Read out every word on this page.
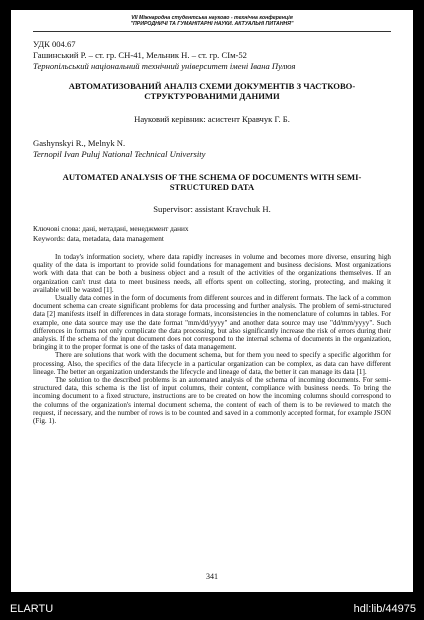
VII Міжнародна студентська науково - технічна конференція
"ПРИРОДНИЧІ ТА ГУМАНІТАРНІ НАУКИ. АКТУАЛЬНІ ПИТАННЯ"
УДК 004.67
Гашинський Р. – ст. гр. СН-41, Мельник Н. – ст. гр. СІм-52
Тернопільський національний технічний університет імені Івана Пулюя
АВТОМАТИЗОВАНИЙ АНАЛІЗ СХЕМИ ДОКУМЕНТІВ З ЧАСТКОВО-СТРУКТУРОВАНИМИ ДАНИМИ
Науковий керівник: асистент Кравчук Г. Б.
Gashynskyi R., Melnyk N.
Ternopil Ivan Puluj National Technical University
AUTOMATED ANALYSIS OF THE SCHEMA OF DOCUMENTS WITH SEMI-STRUCTURED DATA
Supervisor: assistant Kravchuk H.
Ключові слова: дані, метадані, менеджмент даних
Keywords: data, metadata, data management

In today's information society, where data rapidly increases in volume and becomes more diverse, ensuring high quality of the data is important to provide solid foundations for management and business decisions. Most organizations work with data that can be both a business object and a result of the activities of the organizations themselves. If an organization can't trust data to meet business needs, all efforts spent on collecting, storing, protecting, and making it available will be wasted [1].

Usually data comes in the form of documents from different sources and in different formats. The lack of a common document schema can create significant problems for data processing and further analysis. The problem of semi-structured data [2] manifests itself in differences in data storage formats, inconsistencies in the nomenclature of columns in tables. For example, one data source may use the date format "mm/dd/yyyy" and another data source may use "dd/mm/yyyy". Such differences in formats not only complicate the data processing, but also significantly increase the risk of errors during their analysis. If the schema of the input document does not correspond to the internal schema of documents in the organization, bringing it to the proper format is one of the tasks of data management.

There are solutions that work with the document schema, but for them you need to specify a specific algorithm for processing. Also, the specifics of the data lifecycle in a particular organization can be complex, as data can have different lineage. The better an organization understands the lifecycle and lineage of data, the better it can manage its data [1].

The solution to the described problems is an automated analysis of the schema of incoming documents. For semi-structured data, this schema is the list of input columns, their content, compliance with business needs. To bring the incoming document to a fixed structure, instructions are to be created on how the incoming columns should correspond to the columns of the organization's internal document schema, the content of each of them is to be reviewed to match the request, if necessary, and the number of rows is to be counted and saved in a commonly accepted format, for example JSON (Fig. 1).

341
ELARTU	hdl:lib/44975
